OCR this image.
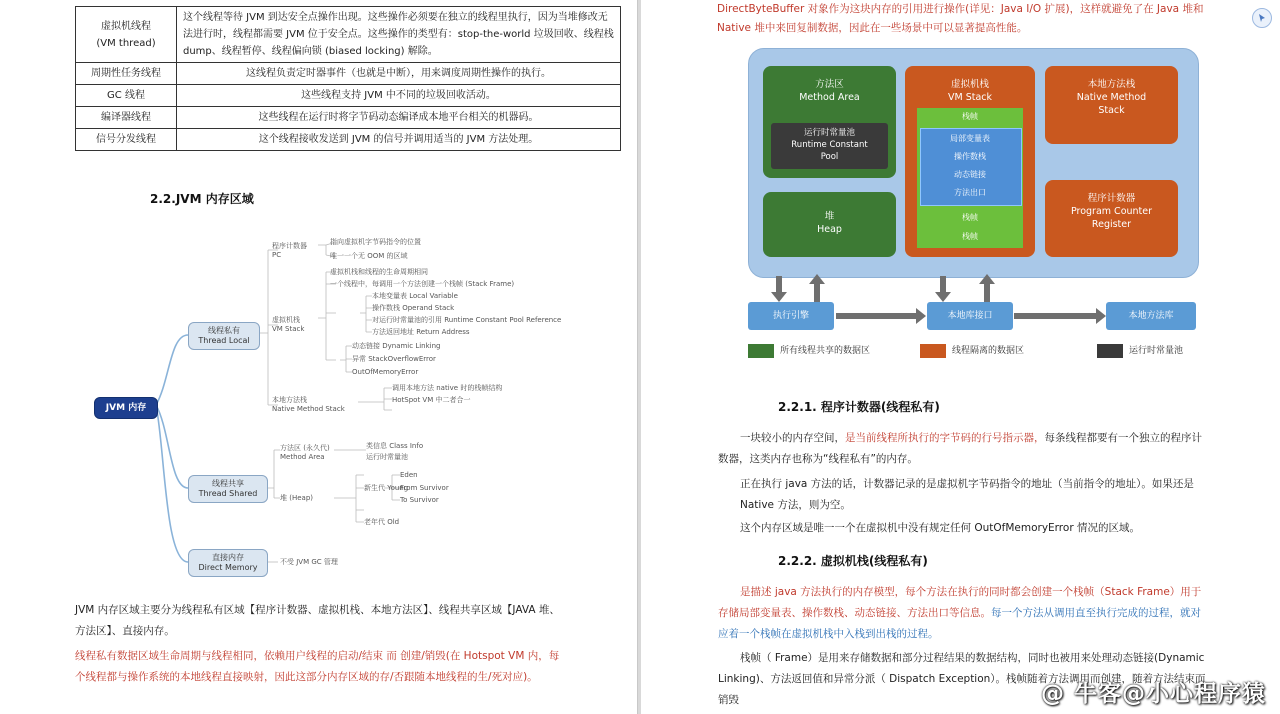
虚拟机线程
(VM thread)	这个线程等待 JVM 到达安全点操作出现。这些操作必须要在独立的线程里执行，因为当堆修改无法进行时，线程都需要 JVM 位于安全点。这些操作的类型有：stop-the-world 垃圾回收、线程栈 dump、线程暂停、线程偏向锁 (biased locking) 解除。
周期性任务线程	这线程负责定时器事件（也就是中断），用来调度周期性操作的执行。
GC 线程	这些线程支持 JVM 中不同的垃圾回收活动。
编译器线程	这些线程在运行时将字节码动态编译成本地平台相关的机器码。
信号分发线程	这个线程接收发送到 JVM 的信号并调用适当的 JVM 方法处理。
2.2.JVM 内存区域
JVM 内存
线程私有
Thread Local
线程共享
Thread Shared
直接内存
Direct Memory
程序计数器
PC
虚拟机栈
VM Stack
本地方法栈
Native Method Stack
指向虚拟机字节码指令的位置
唯一一个无 OOM 的区域
虚拟机栈和线程的生命周期相同
一个线程中，每调用一个方法创建一个栈帧 (Stack Frame)
本地变量表 Local Variable
操作数栈 Operand Stack
对运行时常量池的引用 Runtime Constant Pool Reference
方法返回地址 Return Address
动态链接 Dynamic Linking
异常 StackOverflowError
OutOfMemoryError
调用本地方法 native 时的栈帧结构
HotSpot VM 中二者合一
方法区 (永久代)
Method Area
类信息 Class Info
运行时常量池
堆 (Heap)
新生代 Young
Eden
From Survivor
To Survivor
老年代 Old
不受 JVM GC 管理
JVM 内存区域主要分为线程私有区域【程序计数器、虚拟机栈、本地方法区】、线程共享区域【JAVA 堆、方法区】、直接内存。
线程私有数据区域生命周期与线程相同，依赖用户线程的启动/结束 而 创建/销毁(在 Hotspot VM 内，每个线程都与操作系统的本地线程直接映射，因此这部分内存区域的存/否跟随本地线程的生/死对应)。
DirectByteBuffer 对象作为这块内存的引用进行操作(详见：Java I/O 扩展)，这样就避免了在 Java 堆和 Native 堆中来回复制数据，因此在一些场景中可以显著提高性能。
方法区
Method Area
运行时常量池
Runtime Constant
Pool
堆
Heap
虚拟机栈
VM Stack
栈帧
局部变量表
操作数栈
动态链接
方法出口
栈帧
栈帧
本地方法栈
Native Method
Stack
程序计数器
Program Counter
Register
执行引擎	本地库接口	本地方法库
所有线程共享的数据区	线程隔离的数据区	运行时常量池
2.2.1. 程序计数器(线程私有)
一块较小的内存空间，是当前线程所执行的字节码的行号指示器，每条线程都要有一个独立的程序计数器，这类内存也称为“线程私有”的内存。
正在执行 java 方法的话，计数器记录的是虚拟机字节码指令的地址（当前指令的地址）。如果还是 Native 方法，则为空。
这个内存区域是唯一一个在虚拟机中没有规定任何 OutOfMemoryError 情况的区域。
2.2.2. 虚拟机栈(线程私有)
是描述 java 方法执行的内存模型，每个方法在执行的同时都会创建一个栈帧（Stack Frame）用于存储局部变量表、操作数栈、动态链接、方法出口等信息。每一个方法从调用直至执行完成的过程，就对应着一个栈帧在虚拟机栈中入栈到出栈的过程。
栈帧（ Frame）是用来存储数据和部分过程结果的数据结构，同时也被用来处理动态链接(Dynamic Linking)、方法返回值和异常分派（ Dispatch Exception）。栈帧随着方法调用而创建，随着方法结束而销毁	@ 牛客@小心程序猿
